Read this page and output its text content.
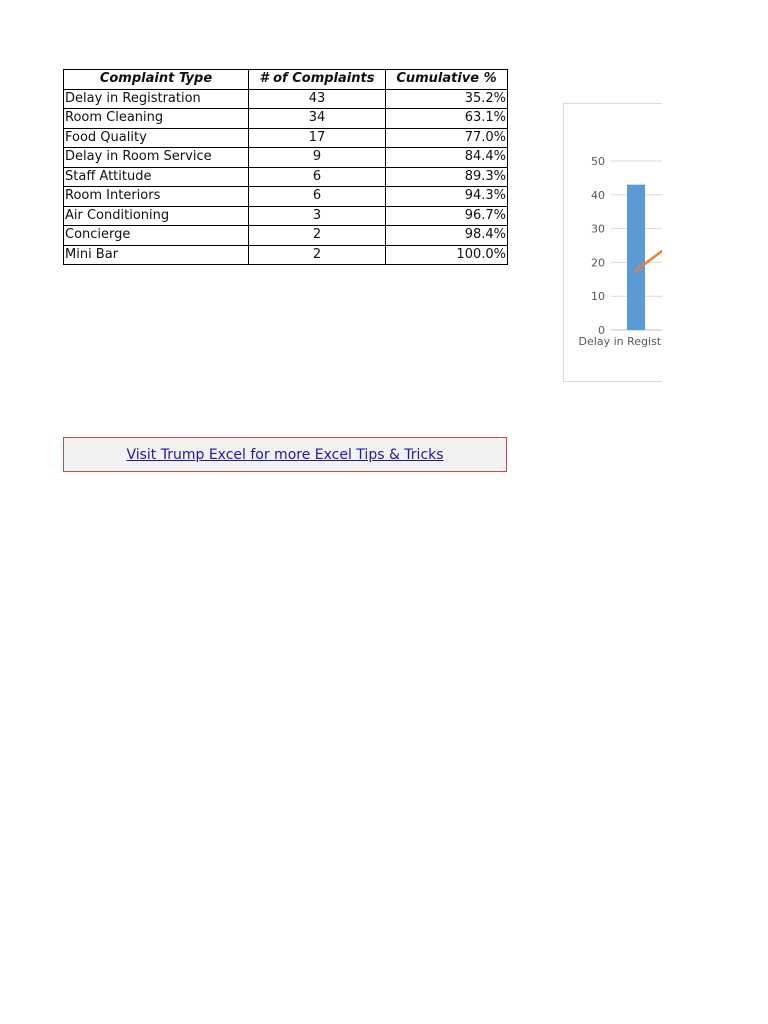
Complaint Type	# of Complaints	Cumulative %
Delay in Registration	43	35.2%
Room Cleaning	34	63.1%
Food Quality	17	77.0%
Delay in Room Service	9	84.4%
Staff Attitude	6	89.3%
Room Interiors	6	94.3%
Air Conditioning	3	96.7%
Concierge	2	98.4%
Mini Bar	2	100.0%
0
10
20
30
40
50
Delay in Registration
Visit Trump Excel for more Excel Tips & Tricks
